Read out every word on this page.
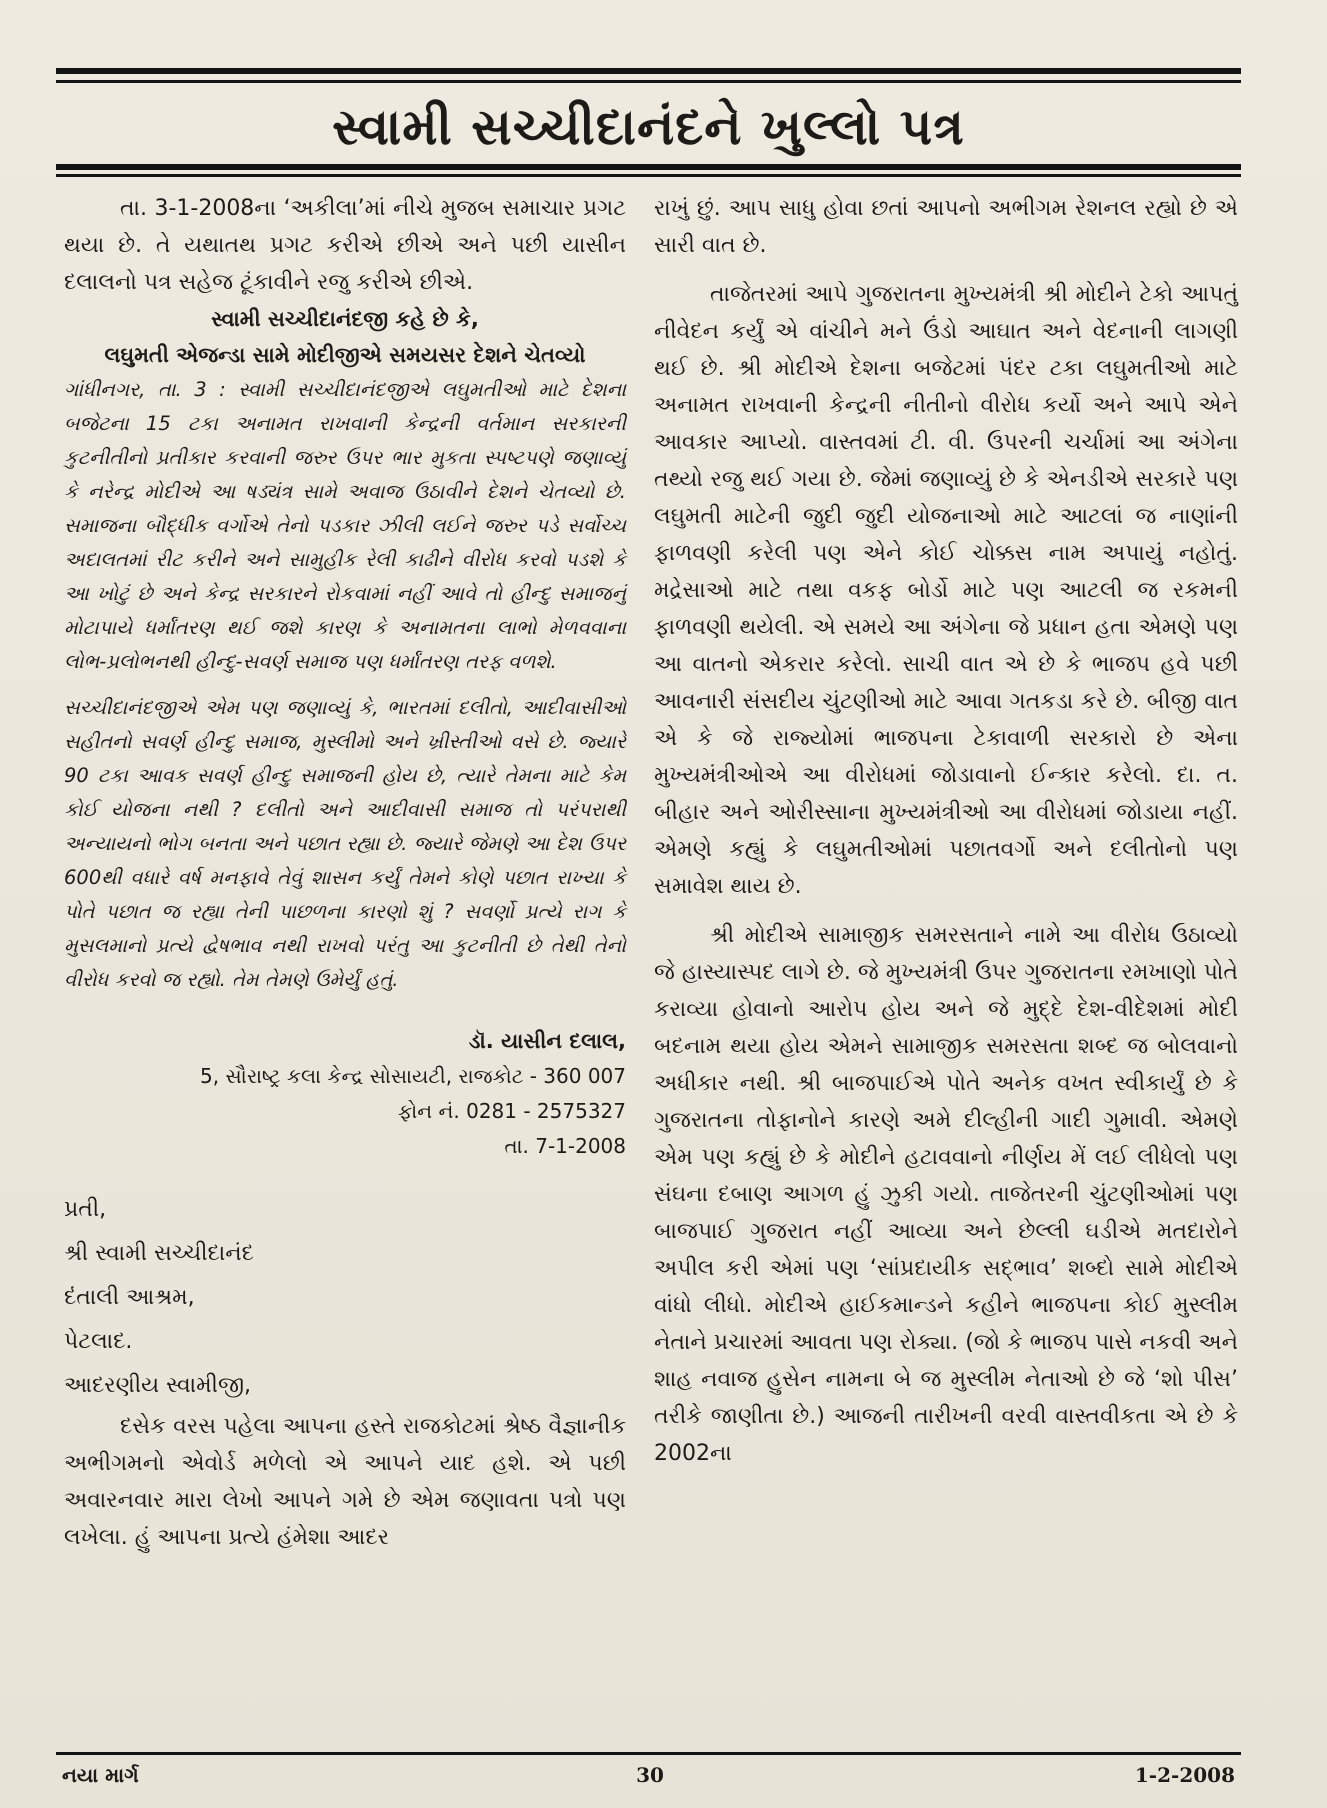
સ્વામી સચ્ચીદાનંદને ખુલ્લો પત્ર

તા. 3-1-2008ના ‘અકીલા’માં નીચે મુજબ સમાચાર પ્રગટ થયા છે. તે યથાતથ પ્રગટ કરીએ છીએ અને પછી યાસીન દલાલનો પત્ર સહેજ ટૂંકાવીને રજુ કરીએ છીએ.

સ્વામી સચ્ચીદાનંદજી કહે છે કે,
લઘુમતી એજન્ડા સામે મોદીજીએ સમયસર દેશને ચેતવ્યો

ગાંધીનગર, તા. 3 : સ્વામી સચ્ચીદાનંદજીએ લઘુમતીઓ માટે દેશના બજેટના 15 ટકા અનામત રાખવાની કેન્દ્રની વર્તમાન સરકારની કુટનીતીનો પ્રતીકાર કરવાની જરુર ઉપર ભાર મુકતા સ્પષ્ટપણે જણાવ્યું કે નરેન્દ્ર મોદીએ આ ષડ્યંત્ર સામે અવાજ ઉઠાવીને દેશને ચેતવ્યો છે. સમાજના બૌદ્ધીક વર્ગોએ તેનો પડકાર ઝીલી લઈને જરુર પડે સર્વોચ્ચ અદાલતમાં રીટ કરીને અને સામુહીક રેલી કાઢીને વીરોધ કરવો પડશે કે આ ખોટું છે અને કેન્દ્ર સરકારને રોકવામાં નહીં આવે તો હીન્દુ સમાજનું મોટાપાયે ધર્માંતરણ થઈ જશે કારણ કે અનામતના લાભો મેળવવાના લોભ-પ્રલોભનથી હીન્દુ-સવર્ણ સમાજ પણ ધર્માંતરણ તરફ વળશે.

સચ્ચીદાનંદજીએ એમ પણ જણાવ્યું કે, ભારતમાં દલીતો, આદીવાસીઓ સહીતનો સવર્ણ હીન્દુ સમાજ, મુસ્લીમો અને ખ્રીસ્તીઓ વસે છે. જ્યારે 90 ટકા આવક સવર્ણ હીન્દુ સમાજની હોય છે, ત્યારે તેમના માટે કેમ કોઈ યોજના નથી ? દલીતો અને આદીવાસી સમાજ તો પરંપરાથી અન્યાયનો ભોગ બનતા અને પછાત રહ્યા છે. જ્યારે જેમણે આ દેશ ઉપર 600થી વધારે વર્ષ મનફાવે તેવું શાસન કર્યું તેમને કોણે પછાત રાખ્યા કે પોતે પછાત જ રહ્યા તેની પાછળના કારણો શું ? સવર્ણો પ્રત્યે રાગ કે મુસલમાનો પ્રત્યે દ્વેષભાવ નથી રાખવો પરંતુ આ કુટનીતી છે તેથી તેનો વીરોધ કરવો જ રહ્યો. તેમ તેમણે ઉમેર્યું હતું.

ડૉ. યાસીન દલાલ,
5, સૌરાષ્ટ્ર કલા કેન્દ્ર સોસાયટી, રાજકોટ - 360 007
ફોન નં. 0281 - 2575327
તા. 7-1-2008
પ્રતી,
શ્રી સ્વામી સચ્ચીદાનંદ
દંતાલી આશ્રમ,
પેટલાદ.
આદરણીય સ્વામીજી,

દસેક વરસ પહેલા આપના હસ્તે રાજકોટમાં શ્રેષ્ઠ વૈજ્ઞાનીક અભીગમનો એવોર્ડ મળેલો એ આપને યાદ હશે. એ પછી અવારનવાર મારા લેખો આપને ગમે છે એમ જણાવતા પત્રો પણ લખેલા. હું આપના પ્રત્યે હંમેશા આદર

રાખું છું. આપ સાધુ હોવા છતાં આપનો અભીગમ રેશનલ રહ્યો છે એ સારી વાત છે.

તાજેતરમાં આપે ગુજરાતના મુખ્યમંત્રી શ્રી મોદીને ટેકો આપતું નીવેદન કર્યું એ વાંચીને મને ઉંડો આઘાત અને વેદનાની લાગણી થઈ છે. શ્રી મોદીએ દેશના બજેટમાં પંદર ટકા લઘુમતીઓ માટે અનામત રાખવાની કેન્દ્રની નીતીનો વીરોધ કર્યો અને આપે એને આવકાર આપ્યો. વાસ્તવમાં ટી. વી. ઉપરની ચર્ચામાં આ અંગેના તથ્યો રજુ થઈ ગયા છે. જેમાં જણાવ્યું છે કે એનડીએ સરકારે પણ લઘુમતી માટેની જુદી જુદી યોજનાઓ માટે આટલાં જ નાણાંની ફાળવણી કરેલી પણ એને કોઈ ચોક્કસ નામ અપાયું નહોતું. મદ્રેસાઓ માટે તથા વકફ બોર્ડો માટે પણ આટલી જ રકમની ફાળવણી થયેલી. એ સમયે આ અંગેના જે પ્રધાન હતા એમણે પણ આ વાતનો એકરાર કરેલો. સાચી વાત એ છે કે ભાજપ હવે પછી આવનારી સંસદીય ચુંટણીઓ માટે આવા ગતકડા કરે છે. બીજી વાત એ કે જે રાજ્યોમાં ભાજપના ટેકાવાળી સરકારો છે એના મુખ્યમંત્રીઓએ આ વીરોધમાં જોડાવાનો ઈન્કાર કરેલો. દા. ત. બીહાર અને ઓરીસ્સાના મુખ્યમંત્રીઓ આ વીરોધમાં જોડાયા નહીં. એમણે કહ્યું કે લઘુમતીઓમાં પછાતવર્ગો અને દલીતોનો પણ સમાવેશ થાય છે.

શ્રી મોદીએ સામાજીક સમરસતાને નામે આ વીરોધ ઉઠાવ્યો જે હાસ્યાસ્પદ લાગે છે. જે મુખ્યમંત્રી ઉપર ગુજરાતના રમખાણો પોતે કરાવ્યા હોવાનો આરોપ હોય અને જે મુદ્દે દેશ-વીદેશમાં મોદી બદનામ થયા હોય એમને સામાજીક સમરસતા શબ્દ જ બોલવાનો અધીકાર નથી. શ્રી બાજપાઈએ પોતે અનેક વખત સ્વીકાર્યું છે કે ગુજરાતના તોફાનોને કારણે અમે દીલ્હીની ગાદી ગુમાવી. એમણે એમ પણ કહ્યું છે કે મોદીને હટાવવાનો નીર્ણય મેં લઈ લીધેલો પણ સંઘના દબાણ આગળ હું ઝુકી ગયો. તાજેતરની ચુંટણીઓમાં પણ બાજપાઈ ગુજરાત નહીં આવ્યા અને છેલ્લી ઘડીએ મતદારોને અપીલ કરી એમાં પણ ‘સાંપ્રદાયીક સદ્ભાવ’ શબ્દો સામે મોદીએ વાંધો લીધો. મોદીએ હાઈકમાન્ડને કહીને ભાજપના કોઈ મુસ્લીમ નેતાને પ્રચારમાં આવતા પણ રોક્યા. (જો કે ભાજપ પાસે નકવી અને શાહ નવાજ હુસેન નામના બે જ મુસ્લીમ નેતાઓ છે જે ‘શો પીસ’ તરીકે જાણીતા છે.) આજની તારીખની વરવી વાસ્તવીકતા એ છે કે 2002ના

નયા માર્ગ	30	1-2-2008
